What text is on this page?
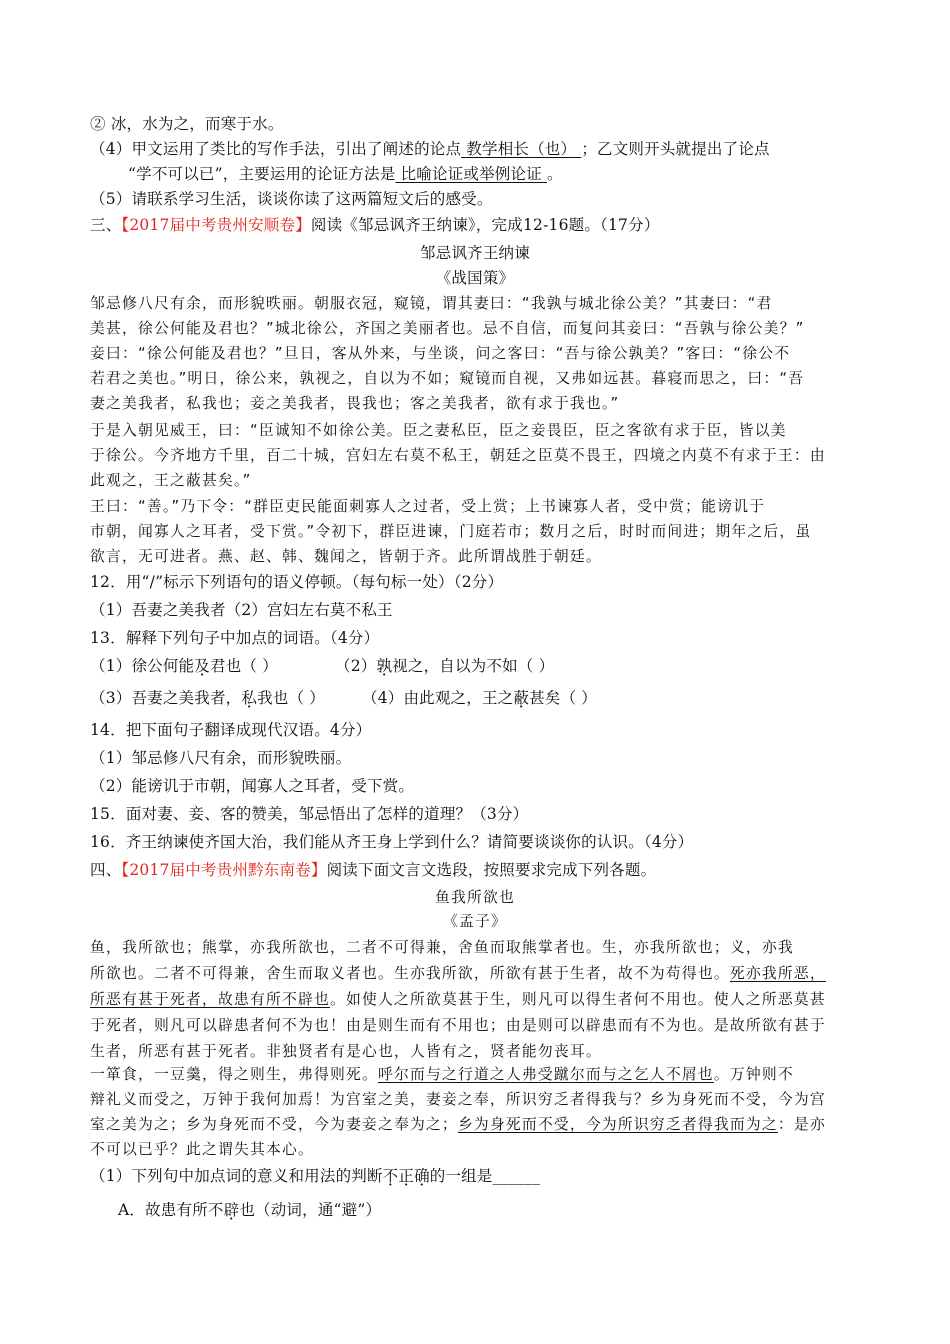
② 冰，水为之，而寒于水。
（4）甲文运用了类比的写作手法，引出了阐述的论点 教学相长（也） ；乙文则开头就提出了论点
“学不可以已”，主要运用的论证方法是 比喻论证或举例论证 。
（5）请联系学习生活，谈谈你读了这两篇短文后的感受。
三、【2017届中考贵州安顺卷】阅读《邹忌讽齐王纳谏》，完成12-16题。（17分）
邹忌讽齐王纳谏
《战国策》
邹忌修八尺有余，而形貌昳丽。朝服衣冠，窥镜，谓其妻曰：“我孰与城北徐公美？”其妻曰：“君
美甚，徐公何能及君也？”城北徐公，齐国之美丽者也。忌不自信，而复问其妾曰：“吾孰与徐公美？”
妾曰：“徐公何能及君也？”旦日，客从外来，与坐谈，问之客曰：“吾与徐公孰美？”客曰：“徐公不
若君之美也。”明日，徐公来，孰视之，自以为不如；窥镜而自视，又弗如远甚。暮寝而思之，曰：“吾
妻之美我者，私我也；妾之美我者，畏我也；客之美我者，欲有求于我也。”
于是入朝见威王，曰：“臣诚知不如徐公美。臣之妻私臣，臣之妾畏臣，臣之客欲有求于臣，皆以美
于徐公。今齐地方千里，百二十城，宫妇左右莫不私王，朝廷之臣莫不畏王，四境之内莫不有求于王：由
此观之，王之蔽甚矣。”
王曰：“善。”乃下令：“群臣吏民能面刺寡人之过者，受上赏；上书谏寡人者，受中赏；能谤讥于
市朝，闻寡人之耳者，受下赏。”令初下，群臣进谏，门庭若市；数月之后，时时而间进；期年之后，虽
欲言，无可进者。燕、赵、韩、魏闻之，皆朝于齐。此所谓战胜于朝廷。
12．用“/”标示下列语句的语义停顿。（每句标一处）（2分）
（1）吾妻之美我者（2）宫妇左右莫不私王
13．解释下列句子中加点的词语。（4分）
（1）徐公何能及君也（ ）	（2）孰视之，自以为不如（ ）
（3）吾妻之美我者，私我也（ ） （4）由此观之，王之蔽甚矣（ ）
14．把下面句子翻译成现代汉语。4分）
（1）邹忌修八尺有余，而形貌昳丽。
（2）能谤讥于市朝，闻寡人之耳者，受下赏。
15．面对妻、妾、客的赞美，邹忌悟出了怎样的道理？（3分）
16．齐王纳谏使齐国大治，我们能从齐王身上学到什么？请简要谈谈你的认识。（4分）
四、【2017届中考贵州黔东南卷】阅读下面文言文选段，按照要求完成下列各题。
鱼我所欲也
《孟子》
鱼，我所欲也；熊掌，亦我所欲也，二者不可得兼，舍鱼而取熊掌者也。生，亦我所欲也；义，亦我
所欲也。二者不可得兼，舍生而取义者也。生亦我所欲，所欲有甚于生者，故不为苟得也。死亦我所恶，
所恶有甚于死者，故患有所不辟也。如使人之所欲莫甚于生，则凡可以得生者何不用也。使人之所恶莫甚
于死者，则凡可以辟患者何不为也！由是则生而有不用也；由是则可以辟患而有不为也。是故所欲有甚于
生者，所恶有甚于死者。非独贤者有是心也，人皆有之，贤者能勿丧耳。
一箪食，一豆羹，得之则生，弗得则死。呼尔而与之行道之人弗受蹴尔而与之乞人不屑也。万钟则不
辩礼义而受之，万钟于我何加焉！为宫室之美，妻妾之奉，所识穷乏者得我与？乡为身死而不受，今为宫
室之美为之；乡为身死而不受，今为妻妾之奉为之；乡为身死而不受，今为所识穷乏者得我而为之：是亦
不可以已乎？此之谓失其本心。
（1）下列句中加点词的意义和用法的判断不正确的一组是______
A．故患有所不辟也（动词，通“避”）
